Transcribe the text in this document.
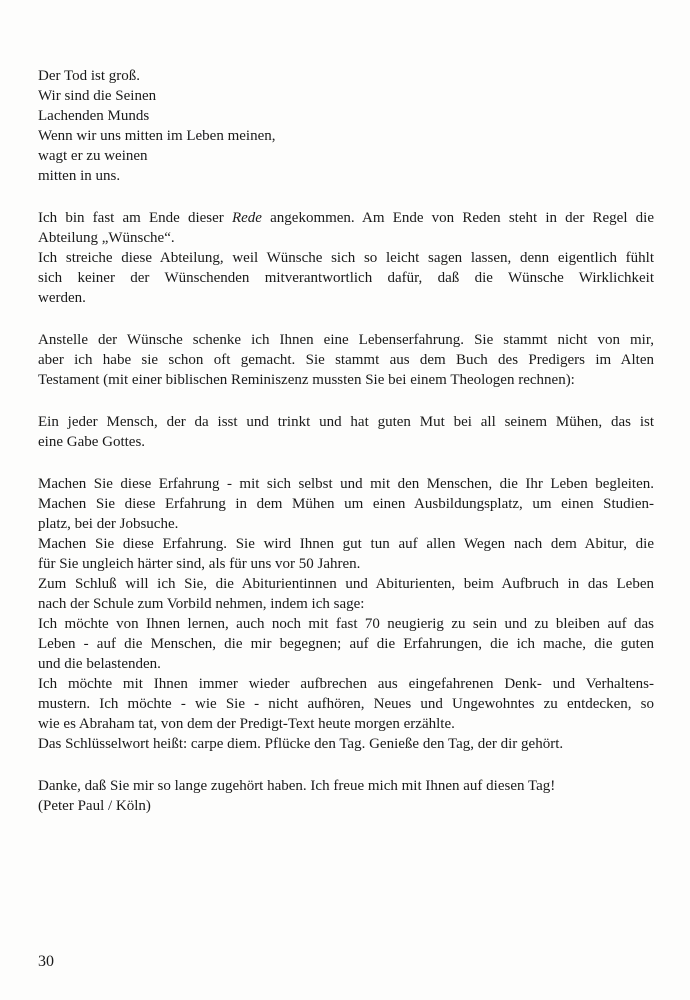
Der Tod ist groß.
Wir sind die Seinen
Lachenden Munds
Wenn wir uns mitten im Leben meinen,
wagt er zu weinen
mitten in uns.
Ich bin fast am Ende dieser Rede angekommen. Am Ende von Reden steht in der Regel die
Abteilung „Wünsche“.
Ich streiche diese Abteilung, weil Wünsche sich so leicht sagen lassen, denn eigentlich fühlt
sich keiner der Wünschenden mitverantwortlich dafür, daß die Wünsche Wirklichkeit
werden.
Anstelle der Wünsche schenke ich Ihnen eine Lebenserfahrung. Sie stammt nicht von mir,
aber ich habe sie schon oft gemacht. Sie stammt aus dem Buch des Predigers im Alten
Testament (mit einer biblischen Reminiszenz mussten Sie bei einem Theologen rechnen):
Ein jeder Mensch, der da isst und trinkt und hat guten Mut bei all seinem Mühen, das ist
eine Gabe Gottes.
Machen Sie diese Erfahrung - mit sich selbst und mit den Menschen, die Ihr Leben begleiten.
Machen Sie diese Erfahrung in dem Mühen um einen Ausbildungsplatz, um einen Studien-
platz, bei der Jobsuche.
Machen Sie diese Erfahrung. Sie wird Ihnen gut tun auf allen Wegen nach dem Abitur, die
für Sie ungleich härter sind, als für uns vor 50 Jahren.
Zum Schluß will ich Sie, die Abiturientinnen und Abiturienten, beim Aufbruch in das Leben
nach der Schule zum Vorbild nehmen, indem ich sage:
Ich möchte von Ihnen lernen, auch noch mit fast 70 neugierig zu sein und zu bleiben auf das
Leben - auf die Menschen, die mir begegnen; auf die Erfahrungen, die ich mache, die guten
und die belastenden.
Ich möchte mit Ihnen immer wieder aufbrechen aus eingefahrenen Denk- und Verhaltens-
mustern. Ich möchte - wie Sie - nicht aufhören, Neues und Ungewohntes zu entdecken, so
wie es Abraham tat, von dem der Predigt-Text heute morgen erzählte.
Das Schlüsselwort heißt: carpe diem. Pflücke den Tag. Genieße den Tag, der dir gehört.
Danke, daß Sie mir so lange zugehört haben. Ich freue mich mit Ihnen auf diesen Tag!
(Peter Paul / Köln)
30
